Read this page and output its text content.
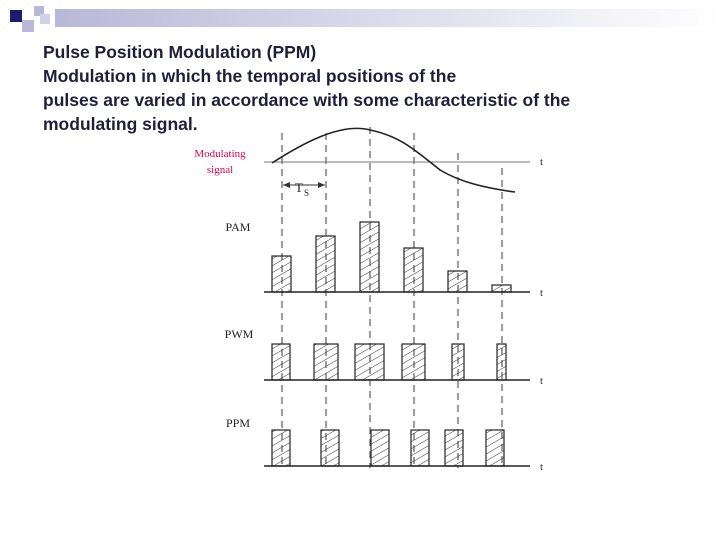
Pulse Position Modulation (PPM)
Modulation in which the temporal positions of the
pulses are varied in accordance with some characteristic of the
modulating signal.
Modulating
signal
t
T S
PAM
t
PWM
t
PPM
t
